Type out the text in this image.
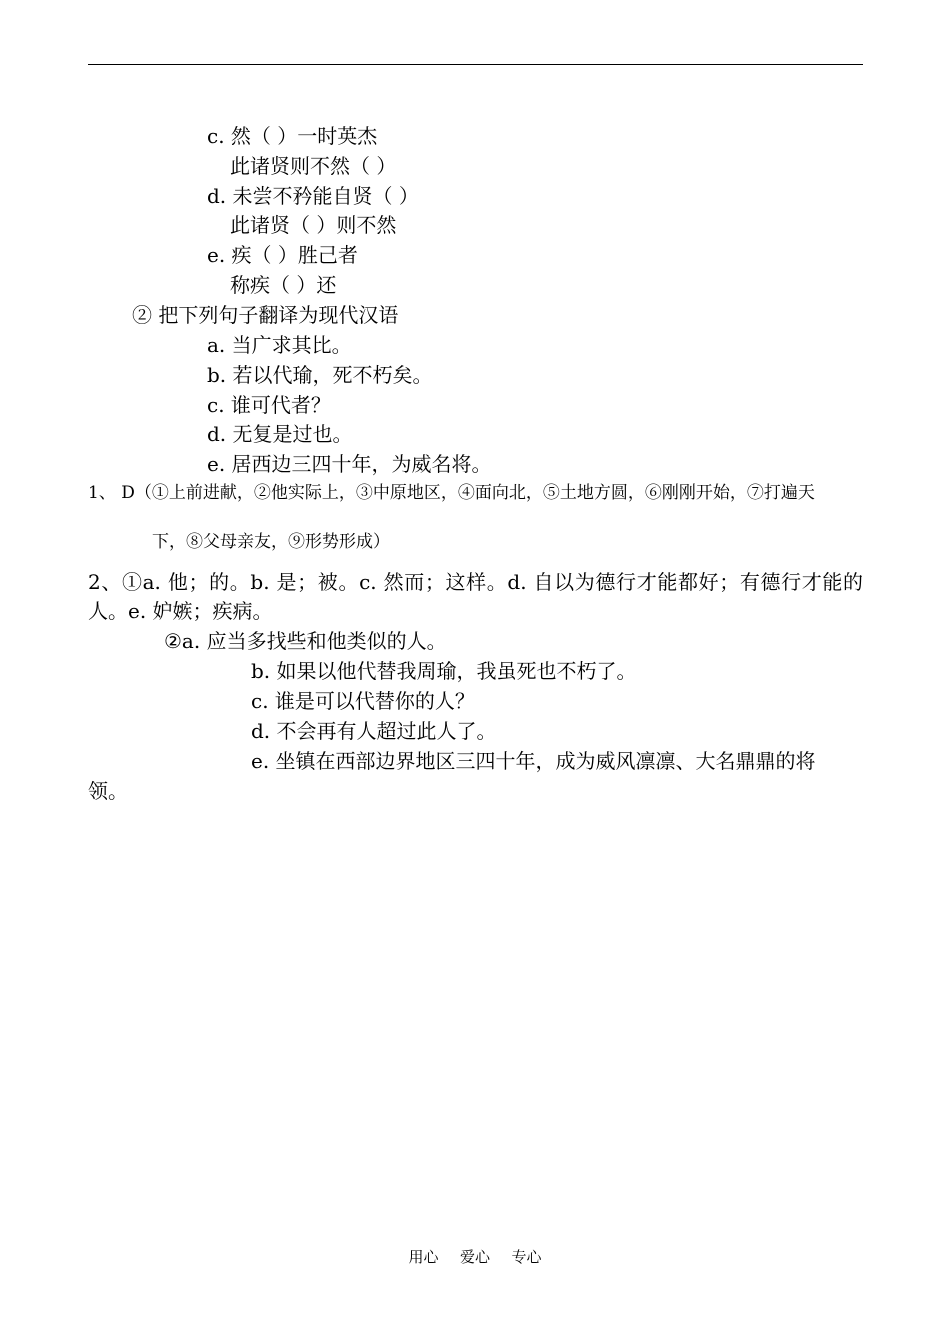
c. 然（ ）一时英杰
此诸贤则不然（ ）
d. 未尝不矜能自贤（ ）
此诸贤（ ）则不然
e. 疾（ ）胜己者
称疾（ ）还
② 把下列句子翻译为现代汉语
a. 当广求其比。
b. 若以代瑜，死不朽矣。
c. 谁可代者？
d. 无复是过也。
e. 居西边三四十年，为威名将。
1、 D（①上前进献，②他实际上，③中原地区，④面向北，⑤土地方圆，⑥刚刚开始，⑦打遍天
下，⑧父母亲友，⑨形势形成）
2、①a. 他；的。b. 是；被。c. 然而；这样。d. 自以为德行才能都好；有德行才能的
人。e. 妒嫉；疾病。
②a. 应当多找些和他类似的人。
b. 如果以他代替我周瑜，我虽死也不朽了。
c. 谁是可以代替你的人？
d. 不会再有人超过此人了。
e. 坐镇在西部边界地区三四十年，成为威风凛凛、大名鼎鼎的将
领。
用心  爱心  专心
